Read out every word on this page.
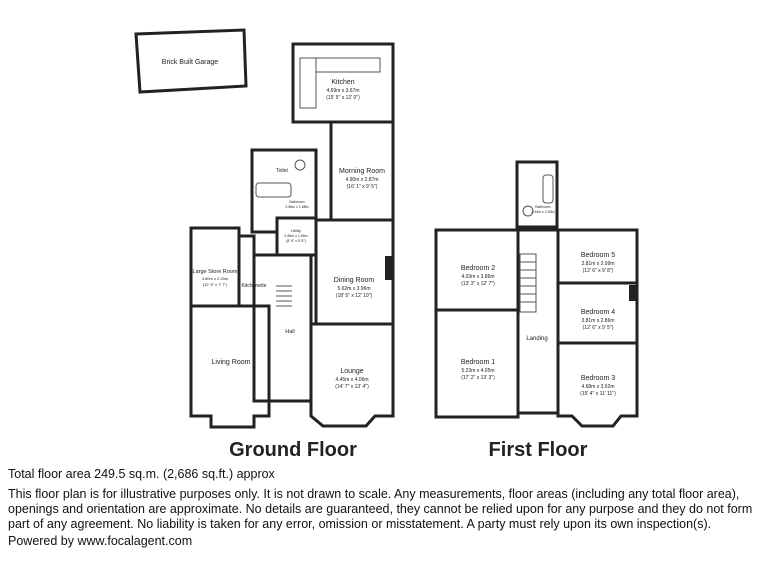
Brick Built Garage
Kitchen
4.69m x 3.67m
(15' 5" x 12' 0")
Morning Room
4.90m x 2.87m
(16' 1" x 9' 5")
Toilet
Bathroom
2.56m x 1.68m
Utility
2.66m x 1.65m
(8' 9" x 5' 5")
Dining Room
5.62m x 3.96m
(18' 5" x 12' 10")
Large Store Room
3.80m x 2.29m
(12' 5" x 7' 7")	Kitchenette
Hall
Living Room
Lounge
4.45m x 4.06m
(14' 7" x 13' 4")
Bathroom
2.94m x 2.63m
Bedroom 2
4.03m x 3.86m
(13' 3" x 12' 7")
Bedroom 5
3.81m x 2.99m
(12' 6" x 9' 8")
Bedroom 4
3.81m x 2.86m
(12' 6" x 9' 5")
Landing
Bedroom 1
5.23m x 4.05m
(17' 2" x 13' 3")	Bedroom 3
4.68m x 3.62m
(15' 4" x 11' 11")
Ground Floor	First Floor
Total floor area 249.5 sq.m. (2,686 sq.ft.) approx
This floor plan is for illustrative purposes only. It is not drawn to scale. Any measurements, floor areas (including any total floor area), openings and orientation are approximate. No details are guaranteed, they cannot be relied upon for any purpose and they do not form part of any agreement. No liability is taken for any error, omission or misstatement. A party must rely upon its own inspection(s).
Powered by www.focalagent.com
